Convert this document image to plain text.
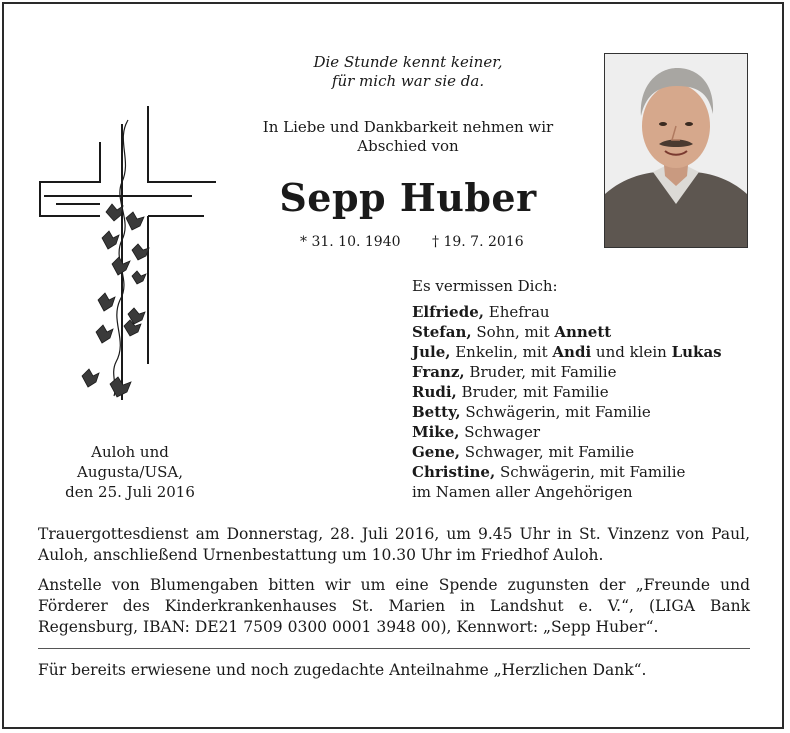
Die Stunde kennt keiner,
für mich war sie da.
In Liebe und Dankbarkeit nehmen wir
Abschied von
Sepp Huber
* 31. 10. 1940 † 19. 7. 2016
Es vermissen Dich:
Elfriede, Ehefrau
Stefan, Sohn, mit Annett
Jule, Enkelin, mit Andi und klein Lukas
Franz, Bruder, mit Familie
Rudi, Bruder, mit Familie
Betty, Schwägerin, mit Familie
Mike, Schwager
Gene, Schwager, mit Familie
Christine, Schwägerin, mit Familie
im Namen aller Angehörigen
Auloh und
Augusta/USA,
den 25. Juli 2016
Trauergottesdienst am Donnerstag, 28. Juli 2016, um 9.45 Uhr in St. Vinzenz von Paul, Auloh, anschließend Urnenbestattung um 10.30 Uhr im Friedhof Auloh.
Anstelle von Blumengaben bitten wir um eine Spende zugunsten der „Freunde und Förderer des Kinderkrankenhauses St. Marien in Landshut e. V.“, (LIGA Bank Regensburg, IBAN: DE21 7509 0300 0001 3948 00), Kennwort: „Sepp Huber“.
Für bereits erwiesene und noch zugedachte Anteilnahme „Herzlichen Dank“.
